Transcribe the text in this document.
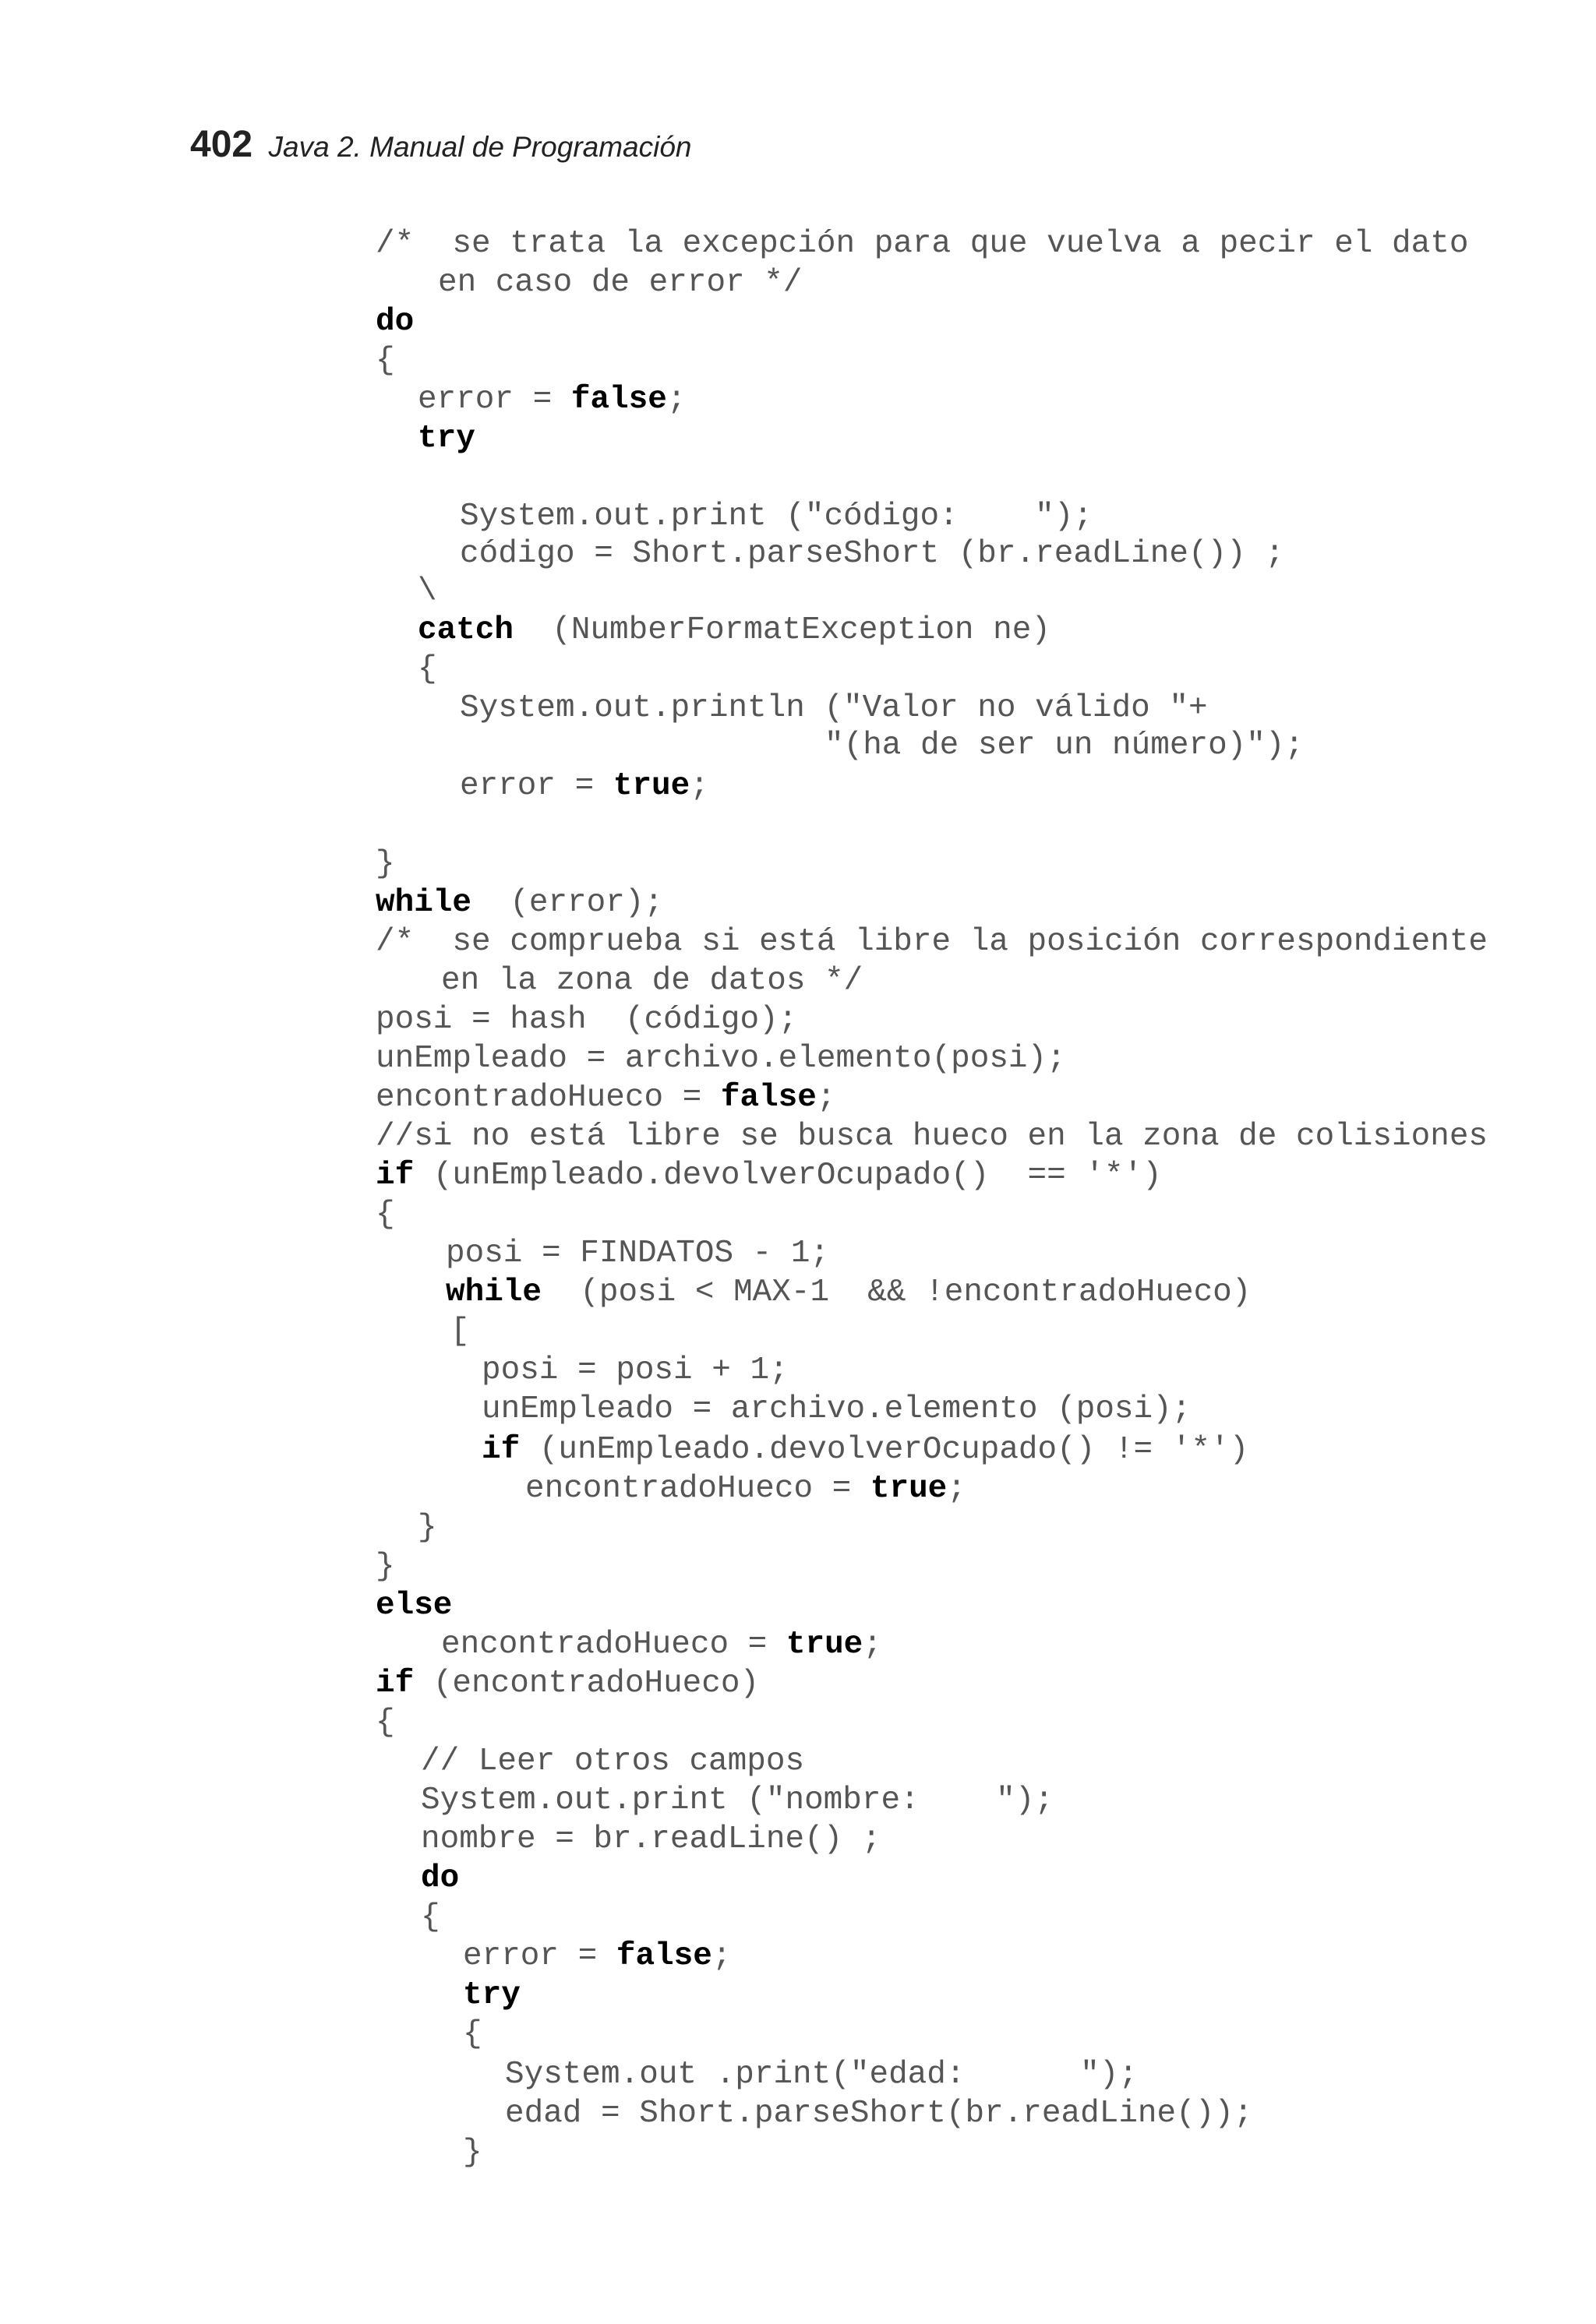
402 Java 2. Manual de Programación
/*  se trata la excepción para que vuelva a pecir el dato
en caso de error */
do
{
error = false;
try
System.out.print ("código:    ");
código = Short.parseShort (br.readLine()) ;
\
catch  (NumberFormatException ne)
{
System.out.println ("Valor no válido "+
"(ha de ser un número)");
error = true;
}
while  (error);
/*  se comprueba si está libre la posición correspondiente
en la zona de datos */
posi = hash  (código);
unEmpleado = archivo.elemento(posi);
encontradoHueco = false;
//si no está libre se busca hueco en la zona de colisiones
if (unEmpleado.devolverOcupado()  == '*')
{
posi = FINDATOS - 1;
while  (posi < MAX-1  && !encontradoHueco)
[
posi = posi + 1;
unEmpleado = archivo.elemento (posi);
if (unEmpleado.devolverOcupado() != '*')
encontradoHueco = true;
}
}
else
encontradoHueco = true;
if (encontradoHueco)
{
// Leer otros campos
System.out.print ("nombre:    ");
nombre = br.readLine() ;
do
{
error = false;
try
{
System.out .print("edad:      ");
edad = Short.parseShort(br.readLine());
}
